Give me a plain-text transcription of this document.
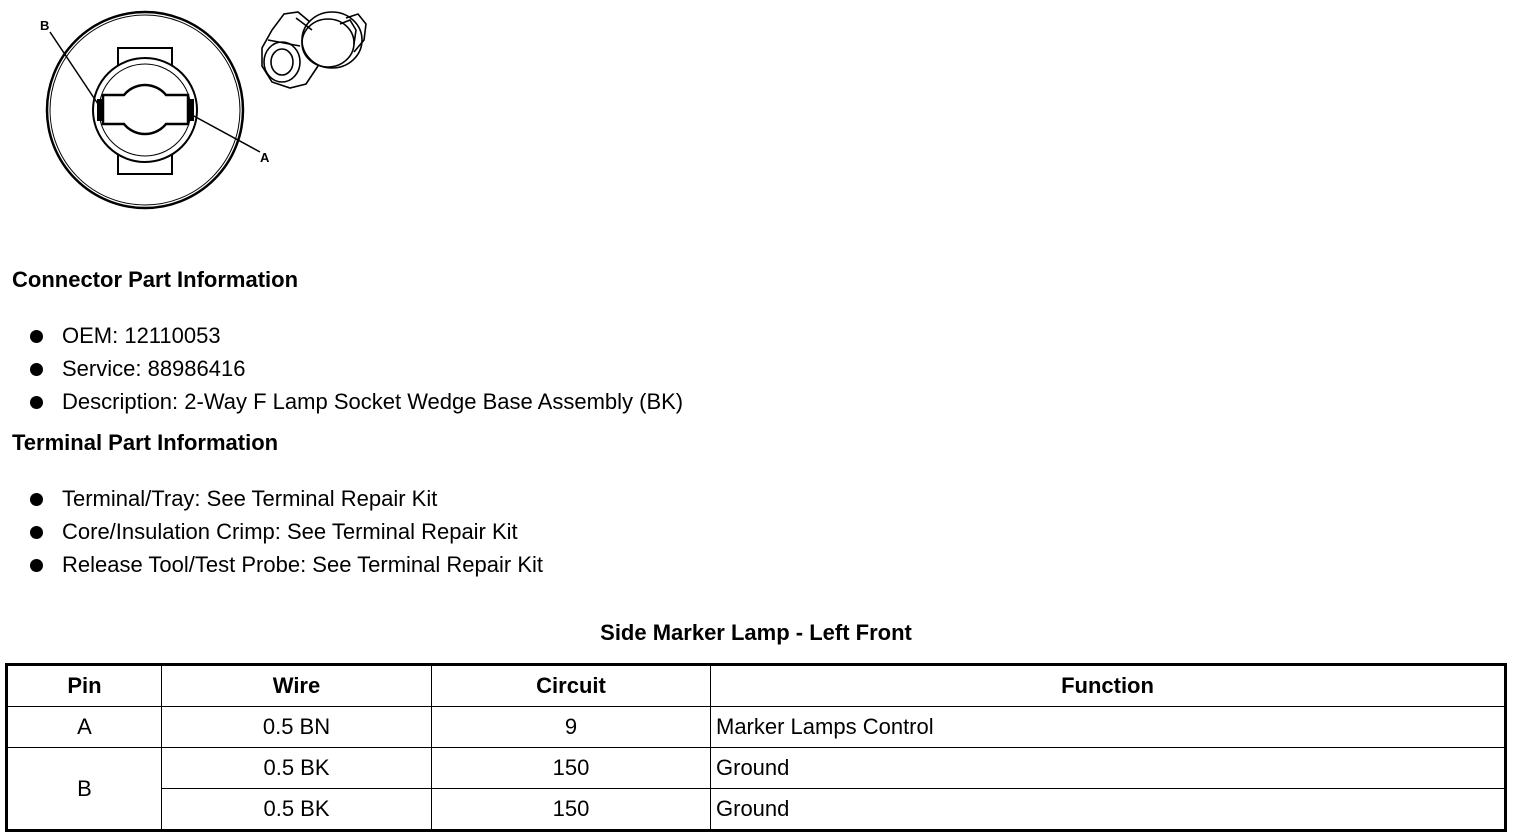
B
A
Connector Part Information
OEM: 12110053
Service: 88986416
Description: 2-Way F Lamp Socket Wedge Base Assembly (BK)
Terminal Part Information
Terminal/Tray: See Terminal Repair Kit
Core/Insulation Crimp: See Terminal Repair Kit
Release Tool/Test Probe: See Terminal Repair Kit
Side Marker Lamp - Left Front
Pin	Wire	Circuit	Function
A	0.5 BN	9	Marker Lamps Control
B	0.5 BK	150	Ground
	0.5 BK	150	Ground
